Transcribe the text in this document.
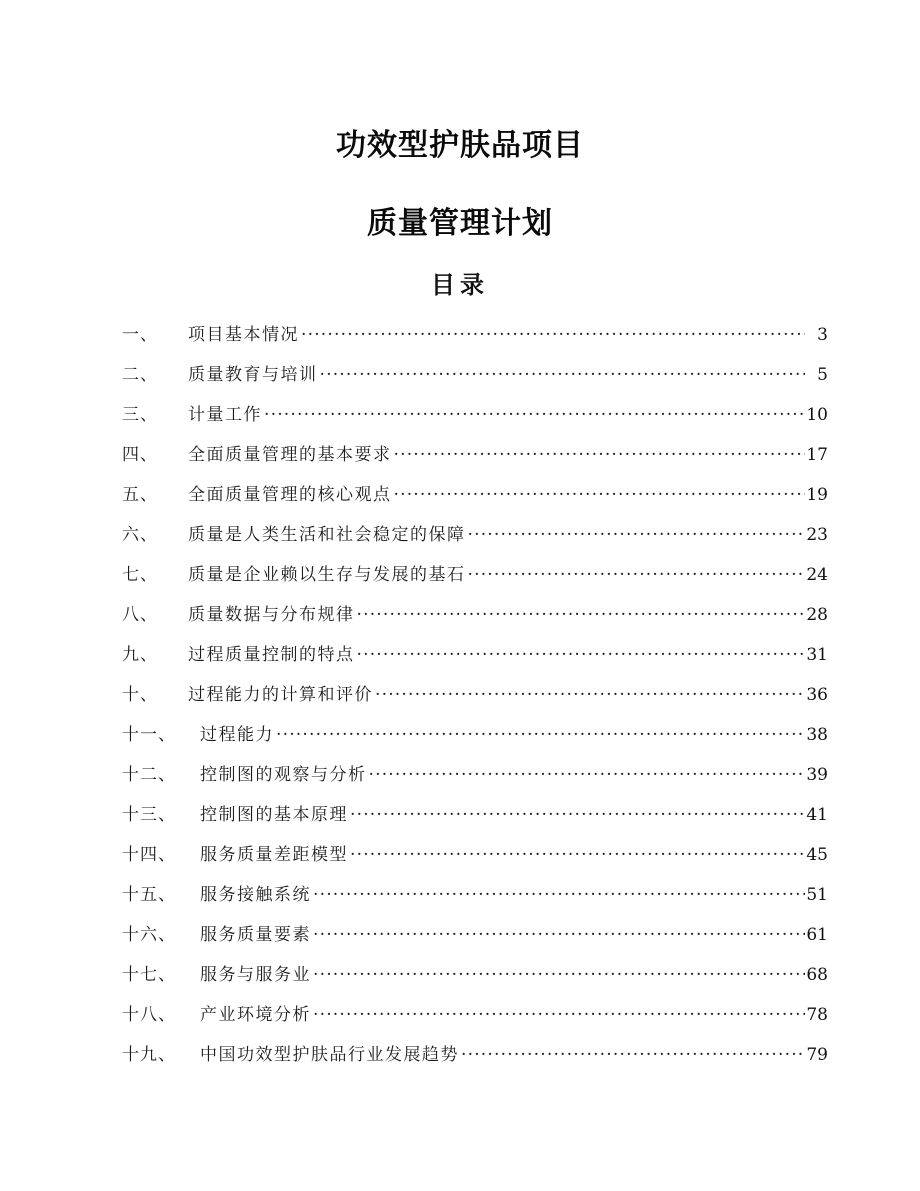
功效型护肤品项目
质量管理计划
目录
一、	项目基本情况 .....	3
二、	质量教育与培训 .....	5
三、	计量工作 .....	10
四、	全面质量管理的基本要求 .....	17
五、	全面质量管理的核心观点 .....	19
六、	质量是人类生活和社会稳定的保障 .....	23
七、	质量是企业赖以生存与发展的基石 .....	24
八、	质量数据与分布规律 .....	28
九、	过程质量控制的特点 .....	31
十、	过程能力的计算和评价 .....	36
十一、	过程能力 .....	38
十二、	控制图的观察与分析 .....	39
十三、	控制图的基本原理 .....	41
十四、	服务质量差距模型 .....	45
十五、	服务接触系统 .....	51
十六、	服务质量要素 .....	61
十七、	服务与服务业 .....	68
十八、	产业环境分析 .....	78
十九、	中国功效型护肤品行业发展趋势 .....	79
